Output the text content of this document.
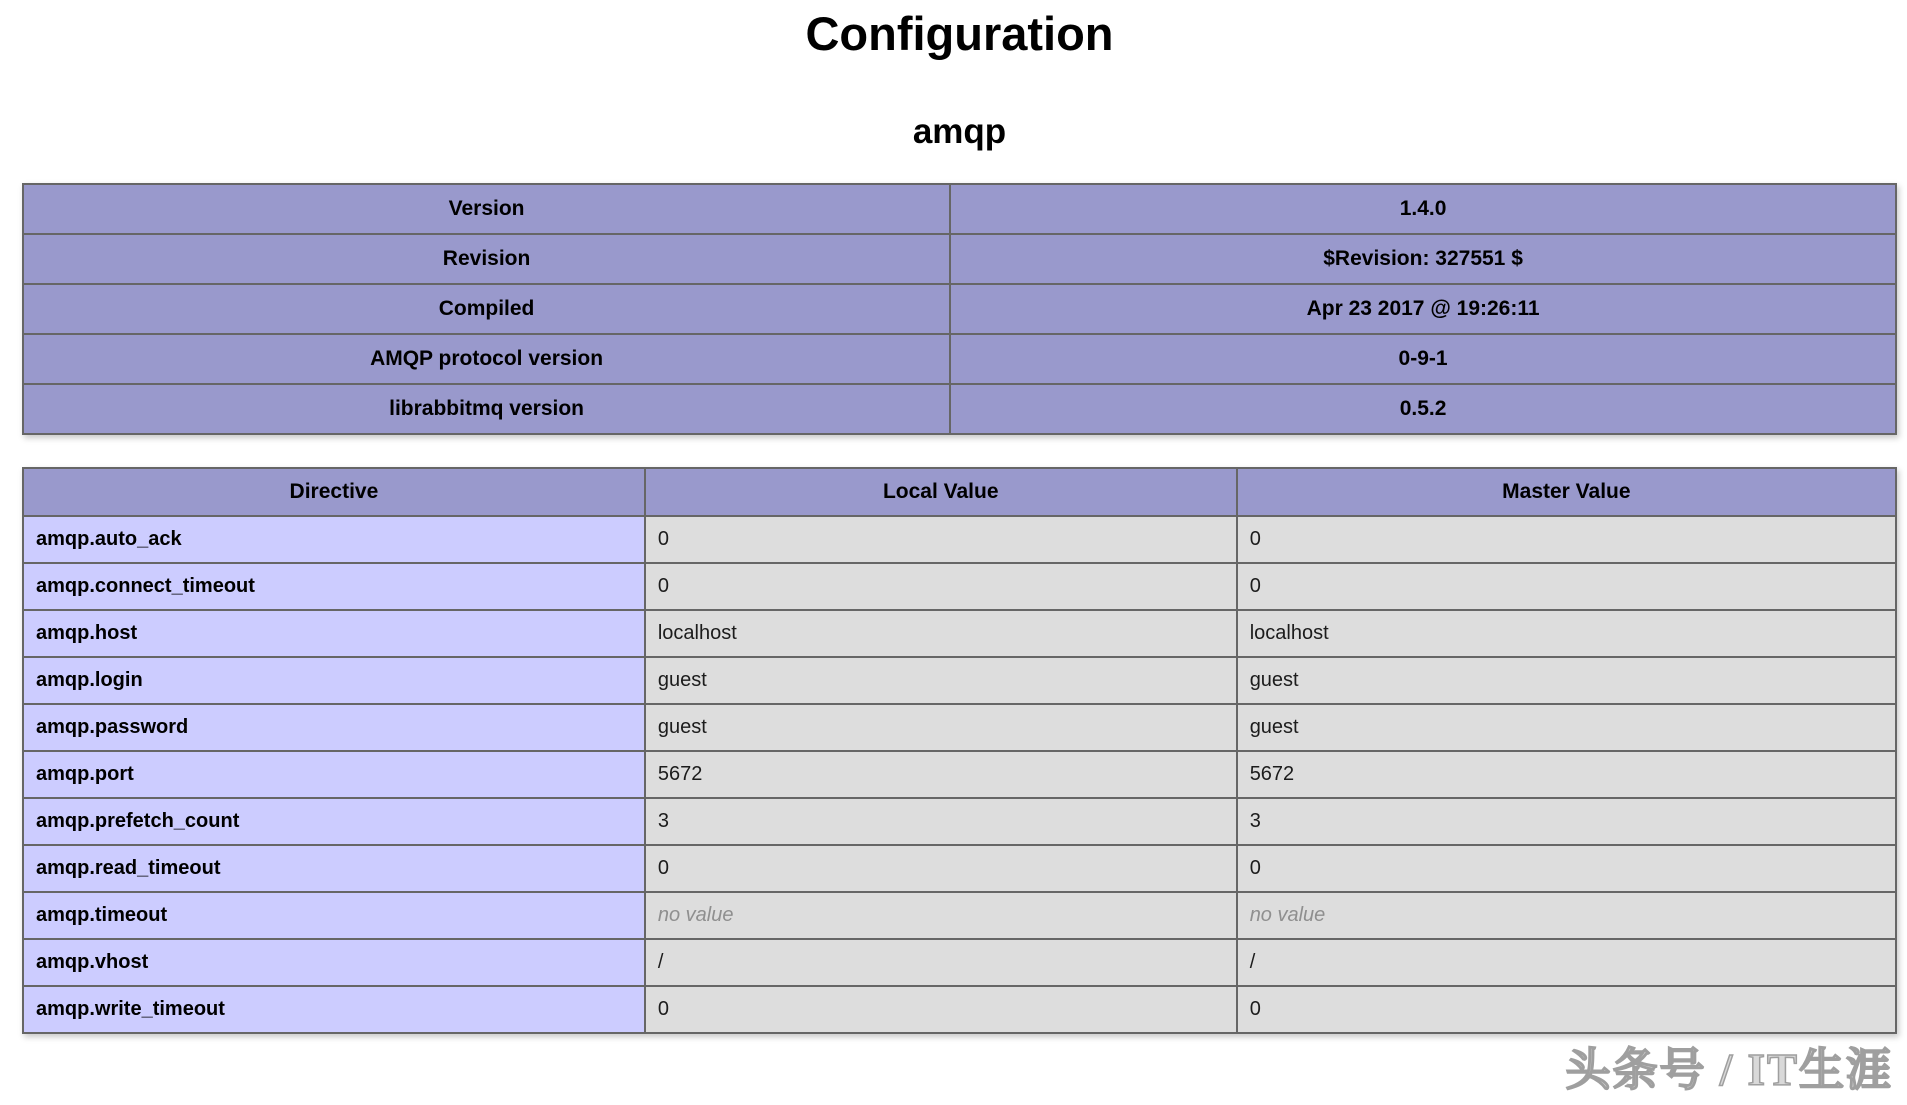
Configuration
amqp
Version	1.4.0
Revision	$Revision: 327551 $
Compiled	Apr 23 2017 @ 19:26:11
AMQP protocol version	0-9-1
librabbitmq version	0.5.2
Directive	Local Value	Master Value
amqp.auto_ack	0	0
amqp.connect_timeout	0	0
amqp.host	localhost	localhost
amqp.login	guest	guest
amqp.password	guest	guest
amqp.port	5672	5672
amqp.prefetch_count	3	3
amqp.read_timeout	0	0
amqp.timeout	no value	no value
amqp.vhost	/	/
amqp.write_timeout	0	0
头条号 / IT生涯
